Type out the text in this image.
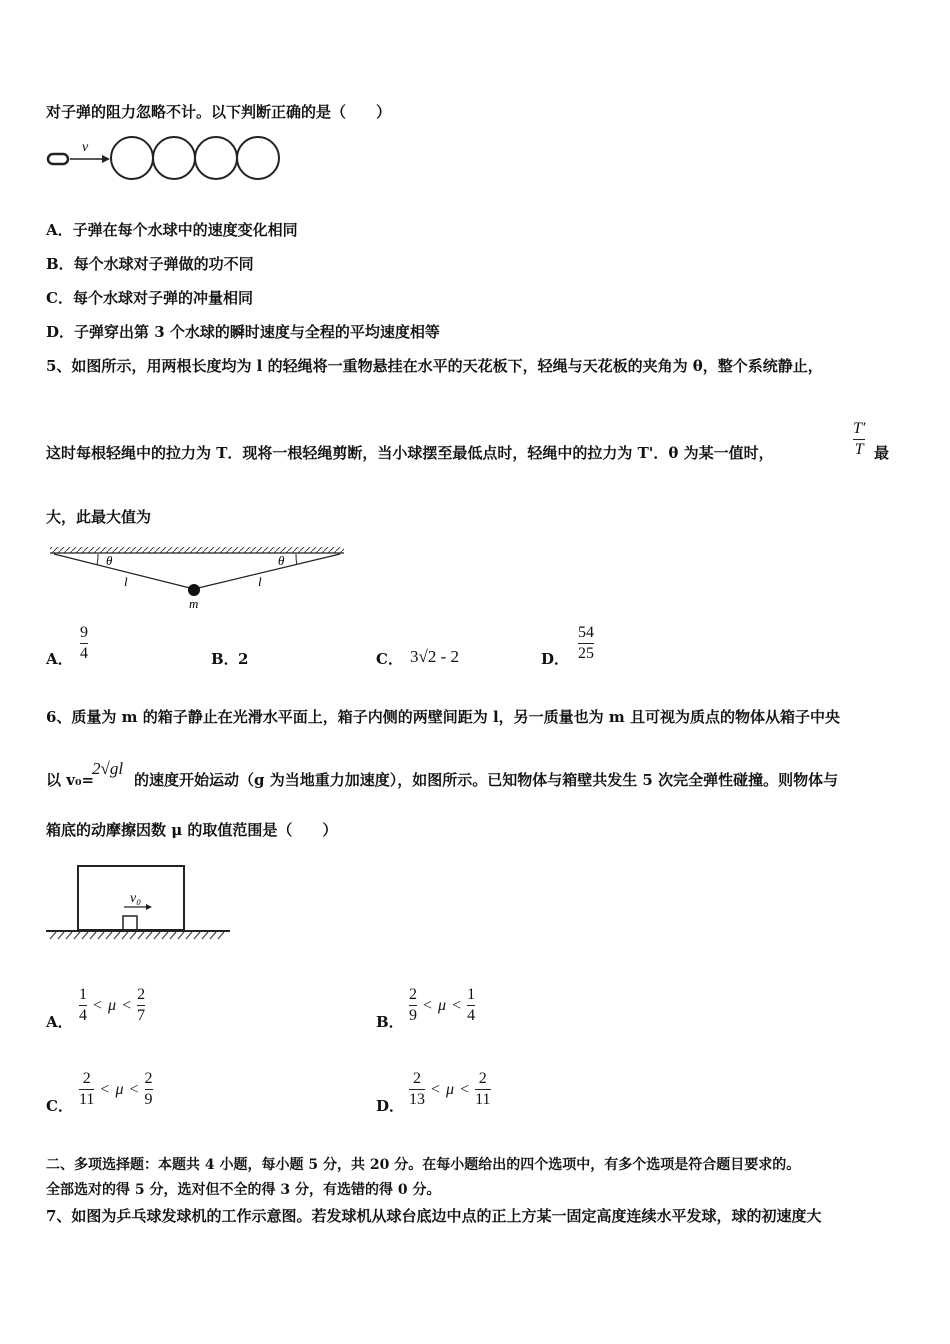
对子弹的阻力忽略不计。以下判断正确的是（　　）
v
A．子弹在每个水球中的速度变化相同
B．每个水球对子弹做的功不同
C．每个水球对子弹的冲量相同
D．子弹穿出第 3 个水球的瞬时速度与全程的平均速度相等
5、如图所示，用两根长度均为 l 的轻绳将一重物悬挂在水平的天花板下，轻绳与天花板的夹角为 θ，整个系统静止，
这时每根轻绳中的拉力为 T．现将一根轻绳剪断，当小球摆至最低点时，轻绳中的拉力为 T'．θ 为某一值时，
T′
T 最
大，此最大值为
θ	θ
l	l
m
A．
9
4	B． 2	C． 3√2 - 2	D．
54
25
6、质量为 m 的箱子静止在光滑水平面上，箱子内侧的两壁间距为 l，另一质量也为 m 且可视为质点的物体从箱子中央
以 v₀=
2√gl
的速度开始运动（g 为当地重力加速度），如图所示。已知物体与箱壁共发生 5 次完全弹性碰撞。则物体与
箱底的动摩擦因数 μ 的取值范围是（　　）
v₀
A．
1
4
< μ <
2
7	B．
2
9
< μ <
1
4
C．
2
11
< μ <
2
9	D．
2
13
< μ <
2
11
二、多项选择题：本题共 4 小题，每小题 5 分，共 20 分。在每小题给出的四个选项中，有多个选项是符合题目要求的。
全部选对的得 5 分，选对但不全的得 3 分，有选错的得 0 分。
7、如图为乒乓球发球机的工作示意图。若发球机从球台底边中点的正上方某一固定高度连续水平发球，球的初速度大
